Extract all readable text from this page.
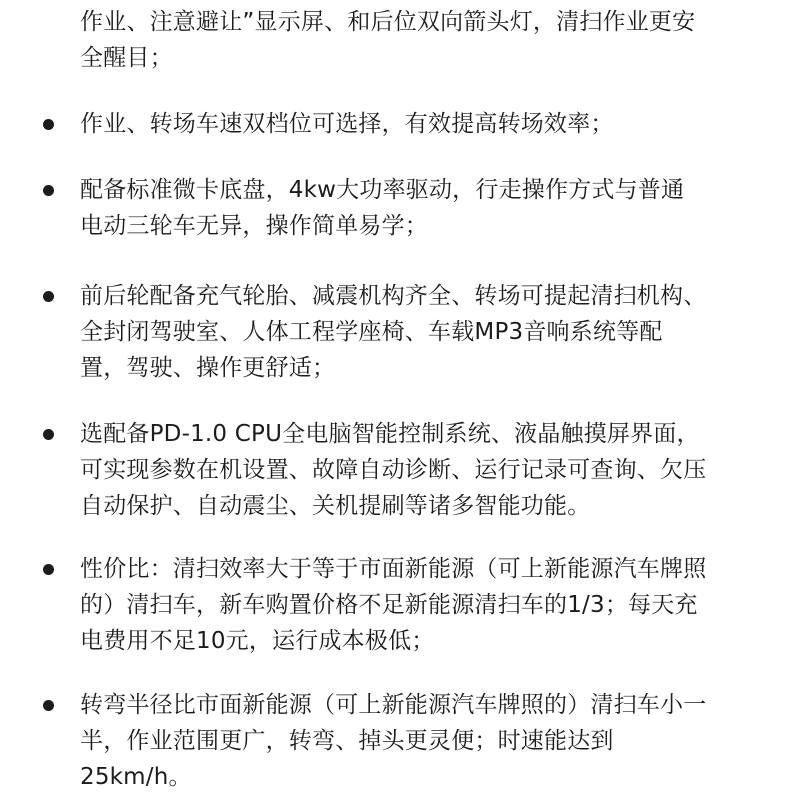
作业、注意避让”显示屏、和后位双向箭头灯，清扫作业更安
全醒目；
作业、转场车速双档位可选择，有效提高转场效率；
配备标准微卡底盘，4kw大功率驱动，行走操作方式与普通
电动三轮车无异，操作简单易学；
前后轮配备充气轮胎、减震机构齐全、转场可提起清扫机构、
全封闭驾驶室、人体工程学座椅、车载MP3音响系统等配
置，驾驶、操作更舒适；
选配备PD-1.0 CPU全电脑智能控制系统、液晶触摸屏界面，
可实现参数在机设置、故障自动诊断、运行记录可查询、欠压
自动保护、自动震尘、关机提刷等诸多智能功能。
性价比：清扫效率大于等于市面新能源（可上新能源汽车牌照
的）清扫车，新车购置价格不足新能源清扫车的1/3；每天充
电费用不足10元，运行成本极低；
转弯半径比市面新能源（可上新能源汽车牌照的）清扫车小一
半，作业范围更广，转弯、掉头更灵便；时速能达到
25km/h。
